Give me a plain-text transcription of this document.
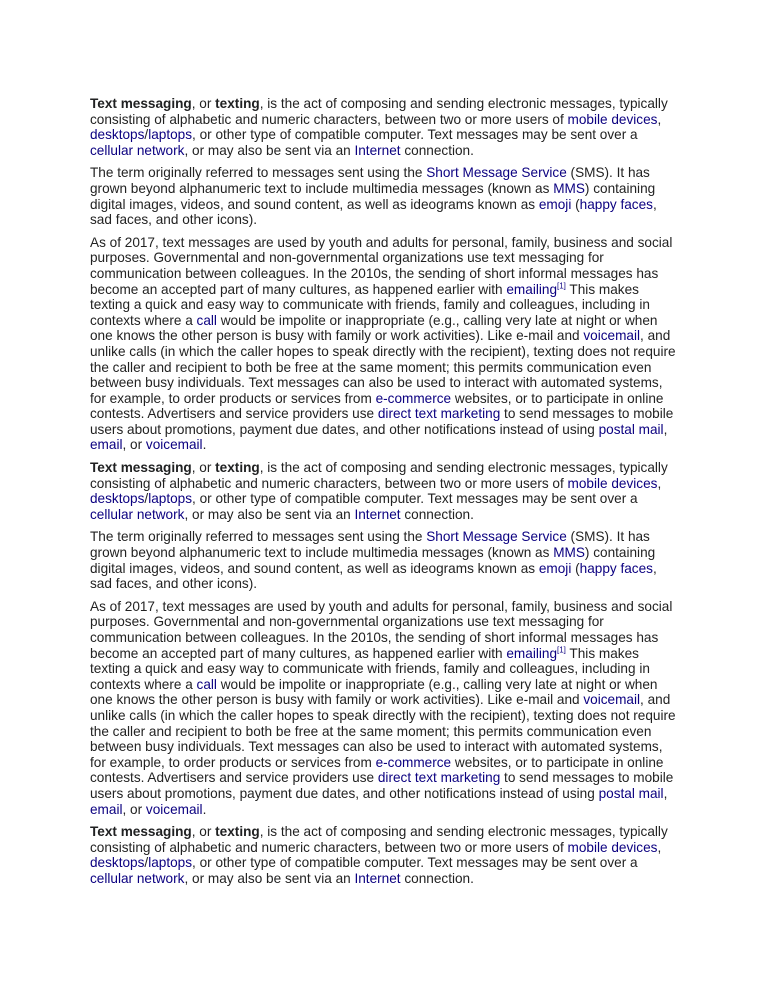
Text messaging, or texting, is the act of composing and sending electronic messages, typically consisting of alphabetic and numeric characters, between two or more users of mobile devices, desktops/laptops, or other type of compatible computer. Text messages may be sent over a cellular network, or may also be sent via an Internet connection.

The term originally referred to messages sent using the Short Message Service (SMS). It has grown beyond alphanumeric text to include multimedia messages (known as MMS) containing digital images, videos, and sound content, as well as ideograms known as emoji (happy faces, sad faces, and other icons).

As of 2017, text messages are used by youth and adults for personal, family, business and social purposes. Governmental and non-governmental organizations use text messaging for communication between colleagues. In the 2010s, the sending of short informal messages has become an accepted part of many cultures, as happened earlier with emailing[1] This makes texting a quick and easy way to communicate with friends, family and colleagues, including in contexts where a call would be impolite or inappropriate (e.g., calling very late at night or when one knows the other person is busy with family or work activities). Like e-mail and voicemail, and unlike calls (in which the caller hopes to speak directly with the recipient), texting does not require the caller and recipient to both be free at the same moment; this permits communication even between busy individuals. Text messages can also be used to interact with automated systems, for example, to order products or services from e-commerce websites, or to participate in online contests. Advertisers and service providers use direct text marketing to send messages to mobile users about promotions, payment due dates, and other notifications instead of using postal mail, email, or voicemail.

Text messaging, or texting, is the act of composing and sending electronic messages, typically consisting of alphabetic and numeric characters, between two or more users of mobile devices, desktops/laptops, or other type of compatible computer. Text messages may be sent over a cellular network, or may also be sent via an Internet connection.

The term originally referred to messages sent using the Short Message Service (SMS). It has grown beyond alphanumeric text to include multimedia messages (known as MMS) containing digital images, videos, and sound content, as well as ideograms known as emoji (happy faces, sad faces, and other icons).

As of 2017, text messages are used by youth and adults for personal, family, business and social purposes. Governmental and non-governmental organizations use text messaging for communication between colleagues. In the 2010s, the sending of short informal messages has become an accepted part of many cultures, as happened earlier with emailing[1] This makes texting a quick and easy way to communicate with friends, family and colleagues, including in contexts where a call would be impolite or inappropriate (e.g., calling very late at night or when one knows the other person is busy with family or work activities). Like e-mail and voicemail, and unlike calls (in which the caller hopes to speak directly with the recipient), texting does not require the caller and recipient to both be free at the same moment; this permits communication even between busy individuals. Text messages can also be used to interact with automated systems, for example, to order products or services from e-commerce websites, or to participate in online contests. Advertisers and service providers use direct text marketing to send messages to mobile users about promotions, payment due dates, and other notifications instead of using postal mail, email, or voicemail.

Text messaging, or texting, is the act of composing and sending electronic messages, typically consisting of alphabetic and numeric characters, between two or more users of mobile devices, desktops/laptops, or other type of compatible computer. Text messages may be sent over a cellular network, or may also be sent via an Internet connection.
